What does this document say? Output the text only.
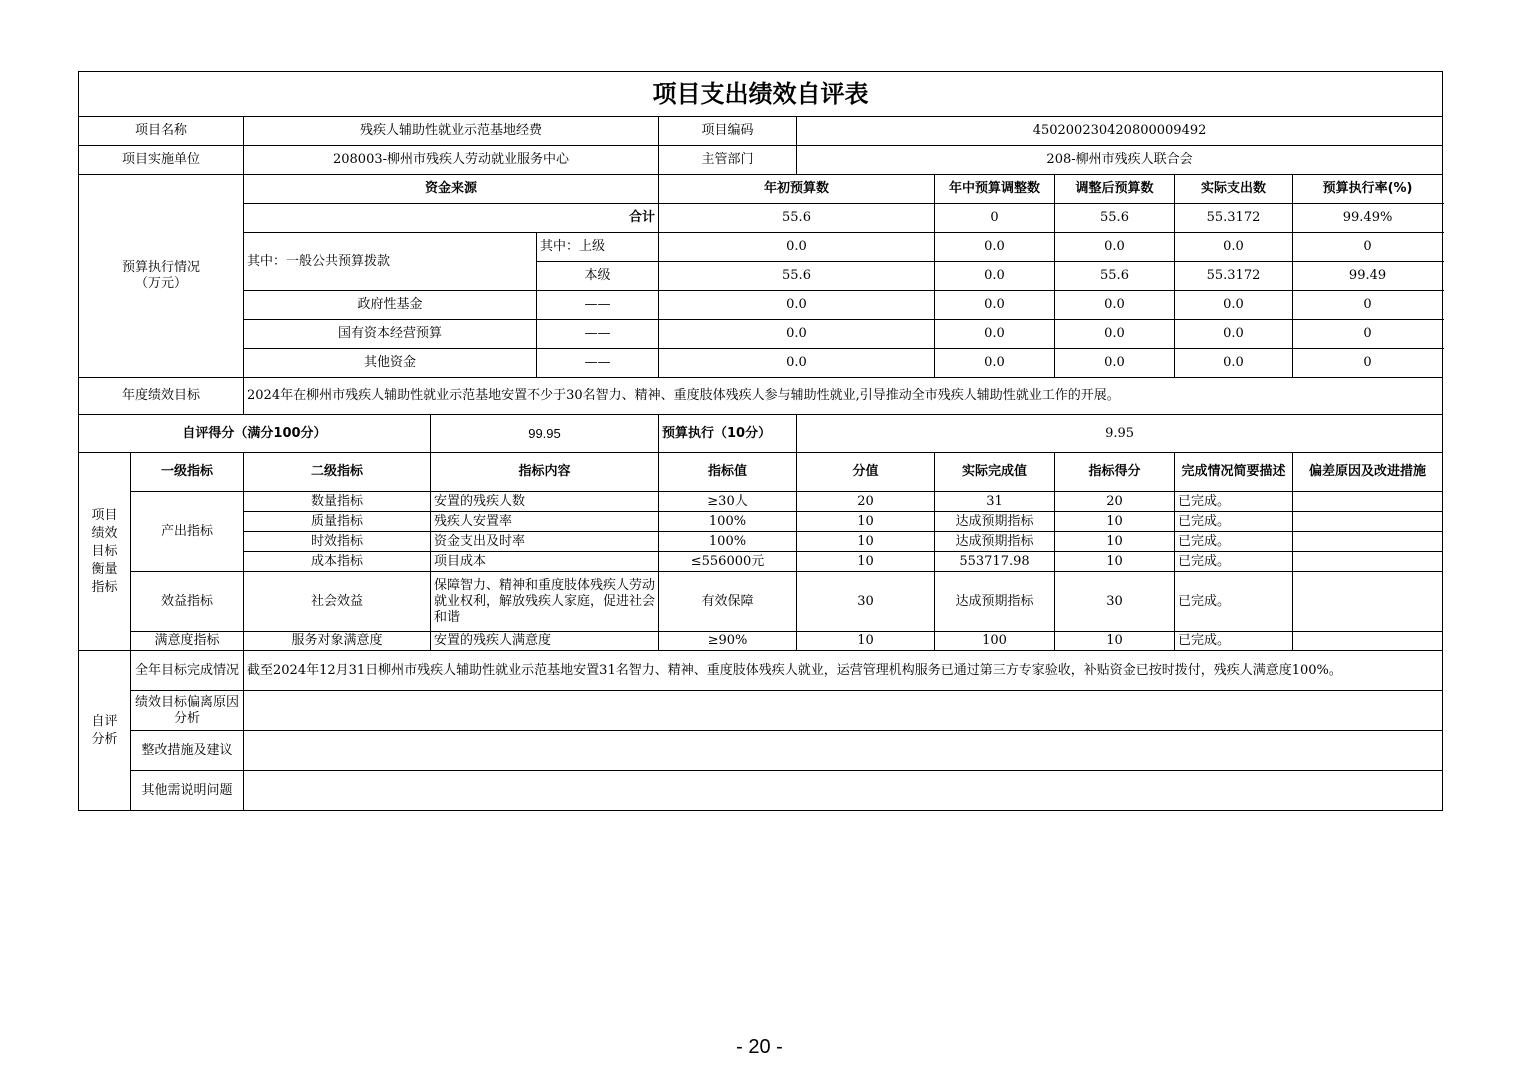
项目支出绩效自评表										
项目名称		残疾人辅助性就业示范基地经费			项目编码	450200230420800009492				
项目实施单位		208003-柳州市残疾人劳动就业服务中心			主管部门	208-柳州市残疾人联合会				
预算执行情况
（万元）		资金来源			年初预算数		年中预算调整数	调整后预算数	实际支出数	预算执行率(%)
		合计			55.6		0	55.6	55.3172	99.49%
		其中：一般公共预算拨款		其中：上级	0.0		0.0	0.0	0.0	0
				本级	55.6		0.0	55.6	55.3172	99.49
		政府性基金		——	0.0		0.0	0.0	0.0	0
		国有资本经营预算		——	0.0		0.0	0.0	0.0	0
		其他资金		——	0.0		0.0	0.0	0.0	0
年度绩效目标		2024年在柳州市残疾人辅助性就业示范基地安置不少于30名智力、精神、重度肢体残疾人参与辅助性就业,引导推动全市残疾人辅助性就业工作的开展。								
自评得分（满分100分）			99.95		预算执行（10分）	9.95				
项目绩效目标衡量指标	一级指标	二级指标	指标内容		指标值	分值	实际完成值	指标得分	完成情况简要描述	偏差原因及改进措施
	产出指标	数量指标	安置的残疾人数		≥30人	20	31	20	已完成。	
		质量指标	残疾人安置率		100%	10	达成预期指标	10	已完成。	
		时效指标	资金支出及时率		100%	10	达成预期指标	10	已完成。	
		成本指标	项目成本		≤556000元	10	553717.98	10	已完成。	
	效益指标	社会效益	保障智力、精神和重度肢体残疾人劳动就业权利，解放残疾人家庭，促进社会和谐		有效保障	30	达成预期指标	30	已完成。	
	满意度指标	服务对象满意度	安置的残疾人满意度		≥90%	10	100	10	已完成。	
自评分析	全年目标完成情况	截至2024年12月31日柳州市残疾人辅助性就业示范基地安置31名智力、精神、重度肢体残疾人就业，运营管理机构服务已通过第三方专家验收，补贴资金已按时拨付，残疾人满意度100%。								
	绩效目标偏离原因分析									
	整改措施及建议									
	其他需说明问题									
- 20 -
